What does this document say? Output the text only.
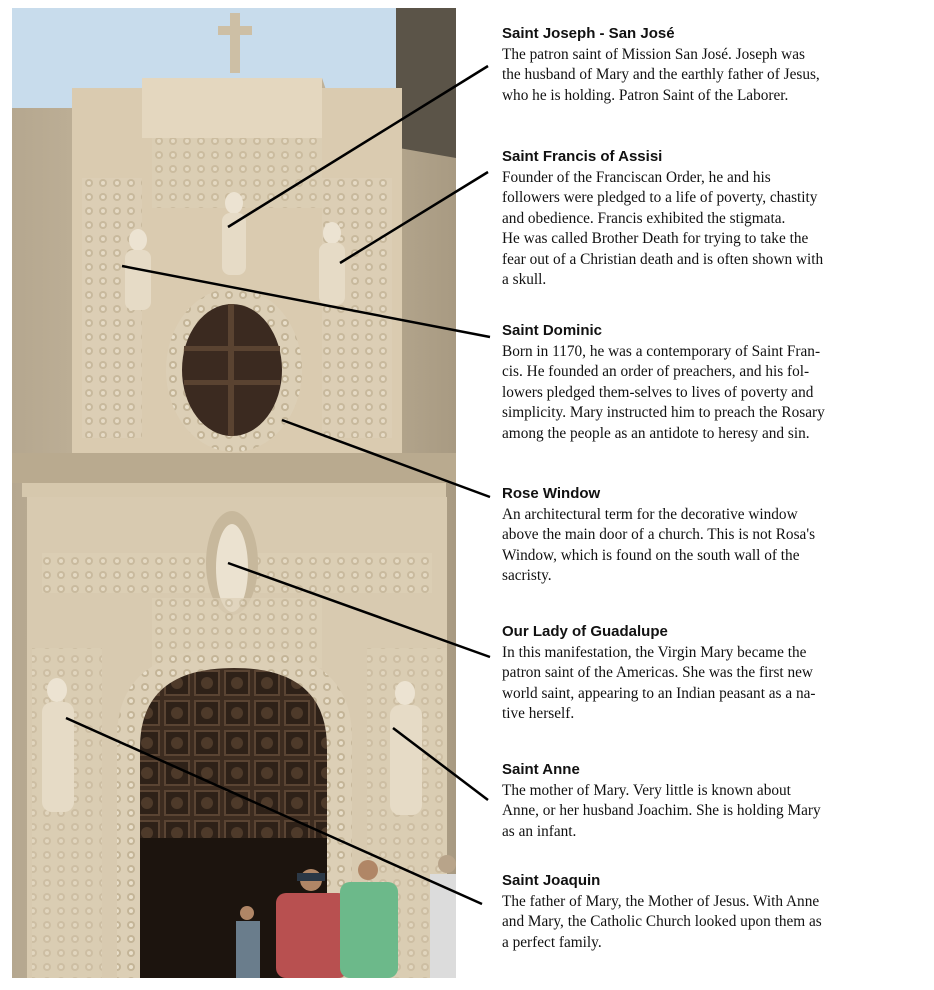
Saint Joseph - San José

The patron saint of Mission San José. Joseph was
the husband of Mary and the earthly father of Jesus,
who he is holding. Patron Saint of the Laborer.

Saint Francis of Assisi

Founder of the Franciscan Order, he and his
followers were pledged to a life of poverty, chastity
and obedience. Francis exhibited the stigmata.
He was called Brother Death for trying to take the
fear out of a Christian death and is often shown with
a skull.

Saint Dominic

Born in 1170, he was a contemporary of Saint Fran-
cis. He founded an order of preachers, and his fol-
lowers pledged them-selves to lives of poverty and
simplicity. Mary instructed him to preach the Rosary
among the people as an antidote to heresy and sin.

Rose Window

An architectural term for the decorative window
above the main door of a church. This is not Rosa's
Window, which is found on the south wall of the
sacristy.

Our Lady of Guadalupe

In this manifestation, the Virgin Mary became the
patron saint of the Americas. She was the first new
world saint, appearing to an Indian peasant as a na-
tive herself.

Saint Anne

The mother of Mary. Very little is known about
Anne, or her husband Joachim. She is holding Mary
as an infant.

Saint Joaquin

The father of Mary, the Mother of Jesus. With Anne
and Mary, the Catholic Church looked upon them as
a perfect family.
